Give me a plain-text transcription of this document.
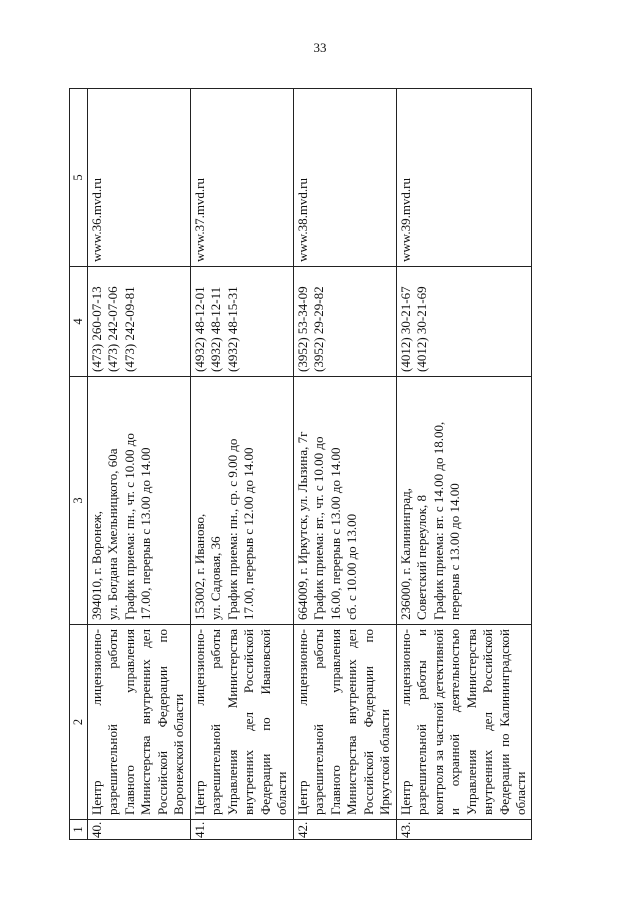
33
1	2	3	4	5
40.	Центр лицензионно-разрешительной работы Главного управления Министерства внутренних дел Российской Федерации по Воронежской области	394010, г. Воронеж, ул. Богдана Хмельницкого, 60а График приема: пн., чт. с 10.00 до 17.00, перерыв с 13.00 до 14.00	(473) 260-07-13 (473) 242-07-06 (473) 242-09-81	www.36.mvd.ru
41.	Центр лицензионно-разрешительной работы Управления Министерства внутренних дел Российской Федерации по Ивановской области	153002, г. Иваново, ул. Садовая, 36 График приема: пн., ср. с 9.00 до 17.00, перерыв с 12.00 до 14.00	(4932) 48-12-01 (4932) 48-12-11 (4932) 48-15-31	www.37.mvd.ru
42.	Центр лицензионно-разрешительной работы Главного управления Министерства внутренних дел Российской Федерации по Иркутской области	664009, г. Иркутск, ул. Лызина, 7г График приема: вт., чт. с 10.00 до 16.00, перерыв с 13.00 до 14.00 сб. с 10.00 до 13.00	(3952) 53-34-09 (3952) 29-29-82	www.38.mvd.ru
43.	Центр лицензионно-разрешительной работы и контроля за частной детективной и охранной деятельностью Управления Министерства внутренних дел Российской Федерации по Калининградской области	236000, г. Калининград, Советский переулок, 8 График приема: вт. с 14.00 до 18.00, перерыв с 13.00 до 14.00	(4012) 30-21-67 (4012) 30-21-69	www.39.mvd.ru
